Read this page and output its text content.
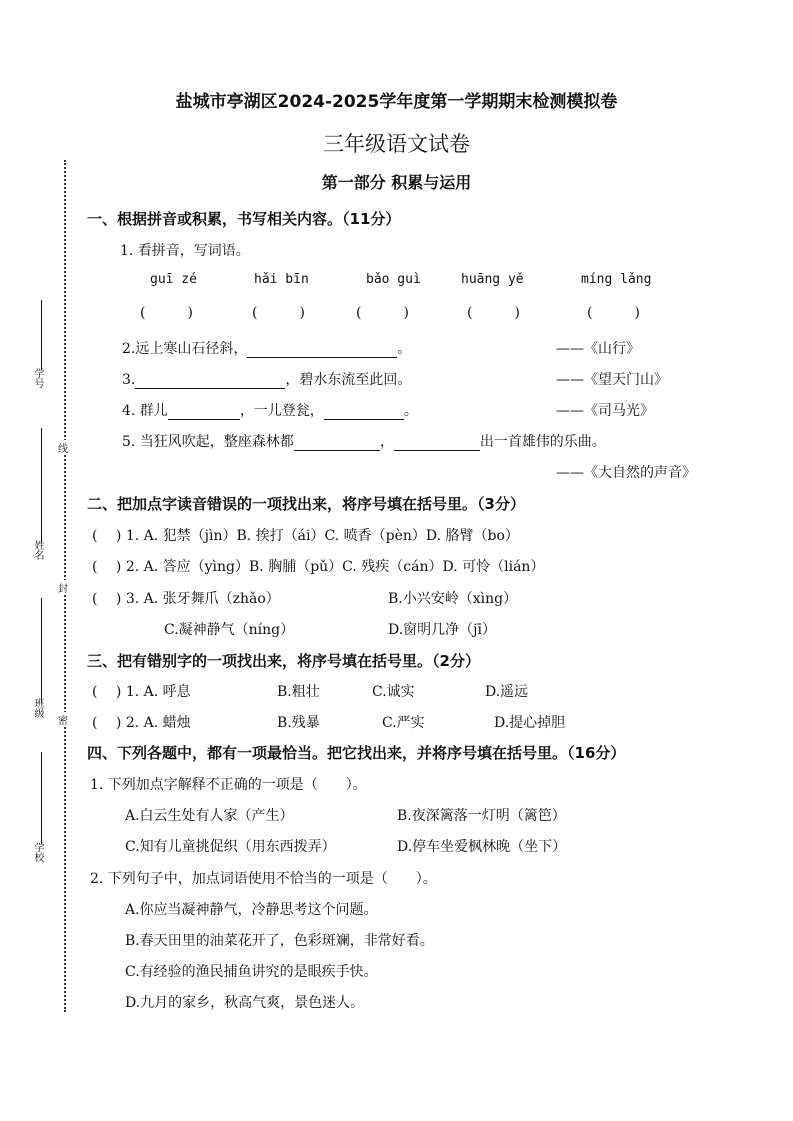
盐城市亭湖区2024-2025学年度第一学期期末检测模拟卷
三年级语文试卷
第一部分 积累与运用
学号
姓名
班级
学校
线
封
密
一、根据拼音或积累，书写相关内容。（11分）
1. 看拼音，写词语。
guī zé	hǎi bīn	bǎo guì	huāng yě	míng lǎng
(　　　)	(　　　)	(　　　)	(　　　)	(　　　)
2.远上寒山石径斜，	。	——《山行》
3.	，碧水东流至此回。	——《望天门山》
4. 群儿	，一儿登瓮，	。	——《司马光》
5. 当狂风吹起，整座森林都	，	出一首雄伟的乐曲。
——《大自然的声音》
二、把加点字读音错误的一项找出来，将序号填在括号里。（3分）
(　 ) 1. A. 犯禁（jìn）B. 挨打（ái）C. 喷香（pèn）D. 胳臂（bo）
(　 ) 2. A. 答应（yìng）B. 胸脯（pǔ）C. 残疾（cán）D. 可怜（lián）
(　 ) 3. A. 张牙舞爪（zhǎo）	B.小兴安岭（xìng）
C.凝神静气（níng）	D.窗明几净（jī）
三、把有错别字的一项找出来，将序号填在括号里。（2分）
(　 ) 1. A. 呼息	B.粗壮	C.诚实	D.遥远
(　 ) 2. A. 蜡烛	B.残暴	C.严实	D.提心掉胆
四、下列各题中，都有一项最恰当。把它找出来，并将序号填在括号里。（16分）
1. 下列加点字解释不正确的一项是（　　）。
A.白云生处有人家（产生）	B.夜深篱落一灯明（篱笆）
C.知有儿童挑促织（用东西拨弄）	D.停车坐爱枫林晚（坐下）
2. 下列句子中，加点词语使用不恰当的一项是（　　）。
A.你应当凝神静气，冷静思考这个问题。
B.春天田里的油菜花开了，色彩斑斓，非常好看。
C.有经验的渔民捕鱼讲究的是眼疾手快。
D.九月的家乡，秋高气爽，景色迷人。
